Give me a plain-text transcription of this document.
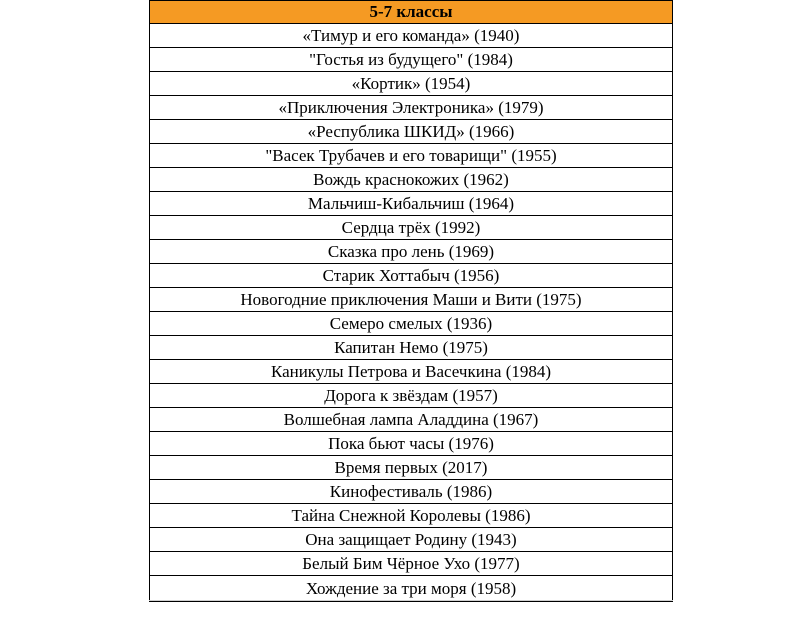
5-7 классы
«Тимур и его команда» (1940)
"Гостья из будущего" (1984)
«Кортик» (1954)
«Приключения Электроника» (1979)
«Республика ШКИД» (1966)
"Васек Трубачев и его товарищи" (1955)
Вождь краснокожих (1962)
Мальчиш-Кибальчиш (1964)
Сердца трёх (1992)
Сказка про лень (1969)
Старик Хоттабыч (1956)
Новогодние приключения Маши и Вити (1975)
Семеро смелых (1936)
Капитан Немо (1975)
Каникулы Петрова и Васечкина (1984)
Дорога к звёздам (1957)
Волшебная лампа Аладдина (1967)
Пока бьют часы (1976)
Время первых (2017)
Кинофестиваль (1986)
Тайна Снежной Королевы (1986)
Она защищает Родину (1943)
Белый Бим Чёрное Ухо (1977)
Хождение за три моря (1958)
